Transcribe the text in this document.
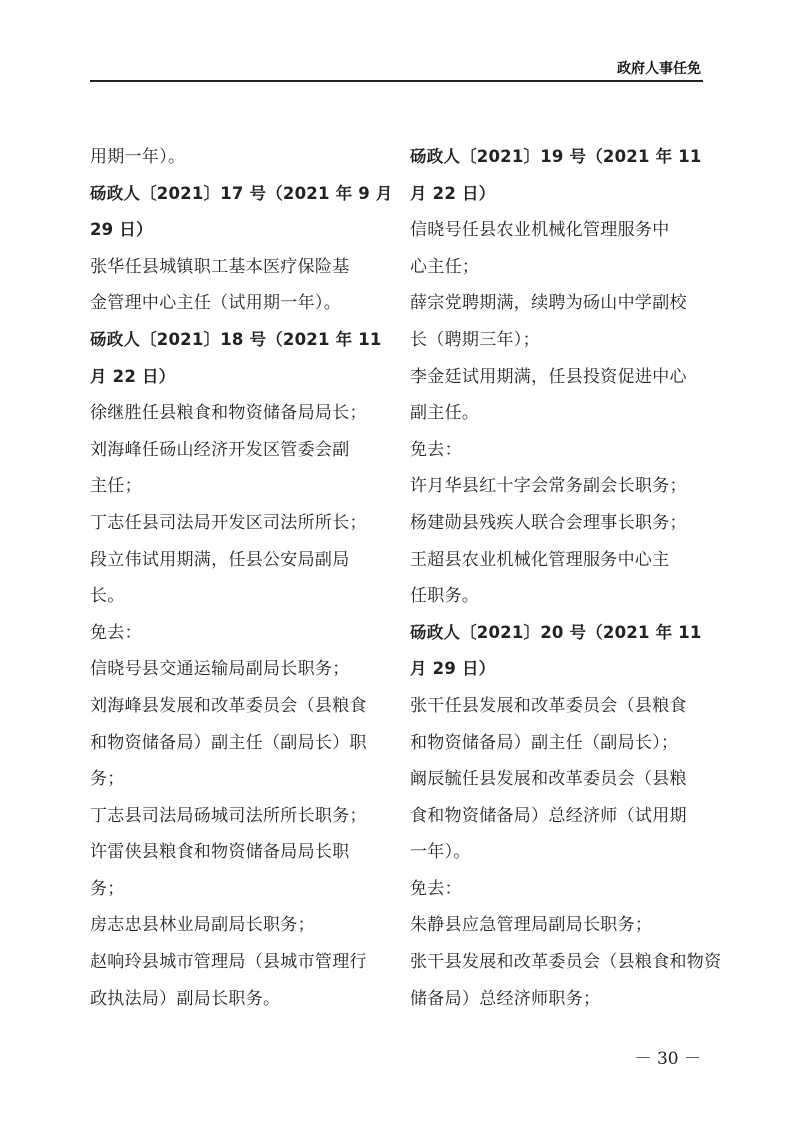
政府人事任免
用期一年）。
砀政人〔2021〕17 号（2021 年 9 月
29 日）
张华任县城镇职工基本医疗保险基
金管理中心主任（试用期一年）。
砀政人〔2021〕18 号（2021 年 11
月 22 日）
徐继胜任县粮食和物资储备局局长；
刘海峰任砀山经济开发区管委会副
主任；
丁志任县司法局开发区司法所所长；
段立伟试用期满，任县公安局副局
长。
免去：
信晓号县交通运输局副局长职务；
刘海峰县发展和改革委员会（县粮食
和物资储备局）副主任（副局长）职
务；
丁志县司法局砀城司法所所长职务；
许雷侠县粮食和物资储备局局长职
务；
房志忠县林业局副局长职务；
赵响玲县城市管理局（县城市管理行
政执法局）副局长职务。
砀政人〔2021〕19 号（2021 年 11
月 22 日）
信晓号任县农业机械化管理服务中
心主任；
薛宗党聘期满，续聘为砀山中学副校
长（聘期三年）；
李金廷试用期满，任县投资促进中心
副主任。
免去：
许月华县红十字会常务副会长职务；
杨建勋县残疾人联合会理事长职务；
王超县农业机械化管理服务中心主
任职务。
砀政人〔2021〕20 号（2021 年 11
月 29 日）
张干任县发展和改革委员会（县粮食
和物资储备局）副主任（副局长）；
阚辰毓任县发展和改革委员会（县粮
食和物资储备局）总经济师（试用期
一年）。
免去：
朱静县应急管理局副局长职务；
张干县发展和改革委员会（县粮食和物资
储备局）总经济师职务；
－ 30 －
